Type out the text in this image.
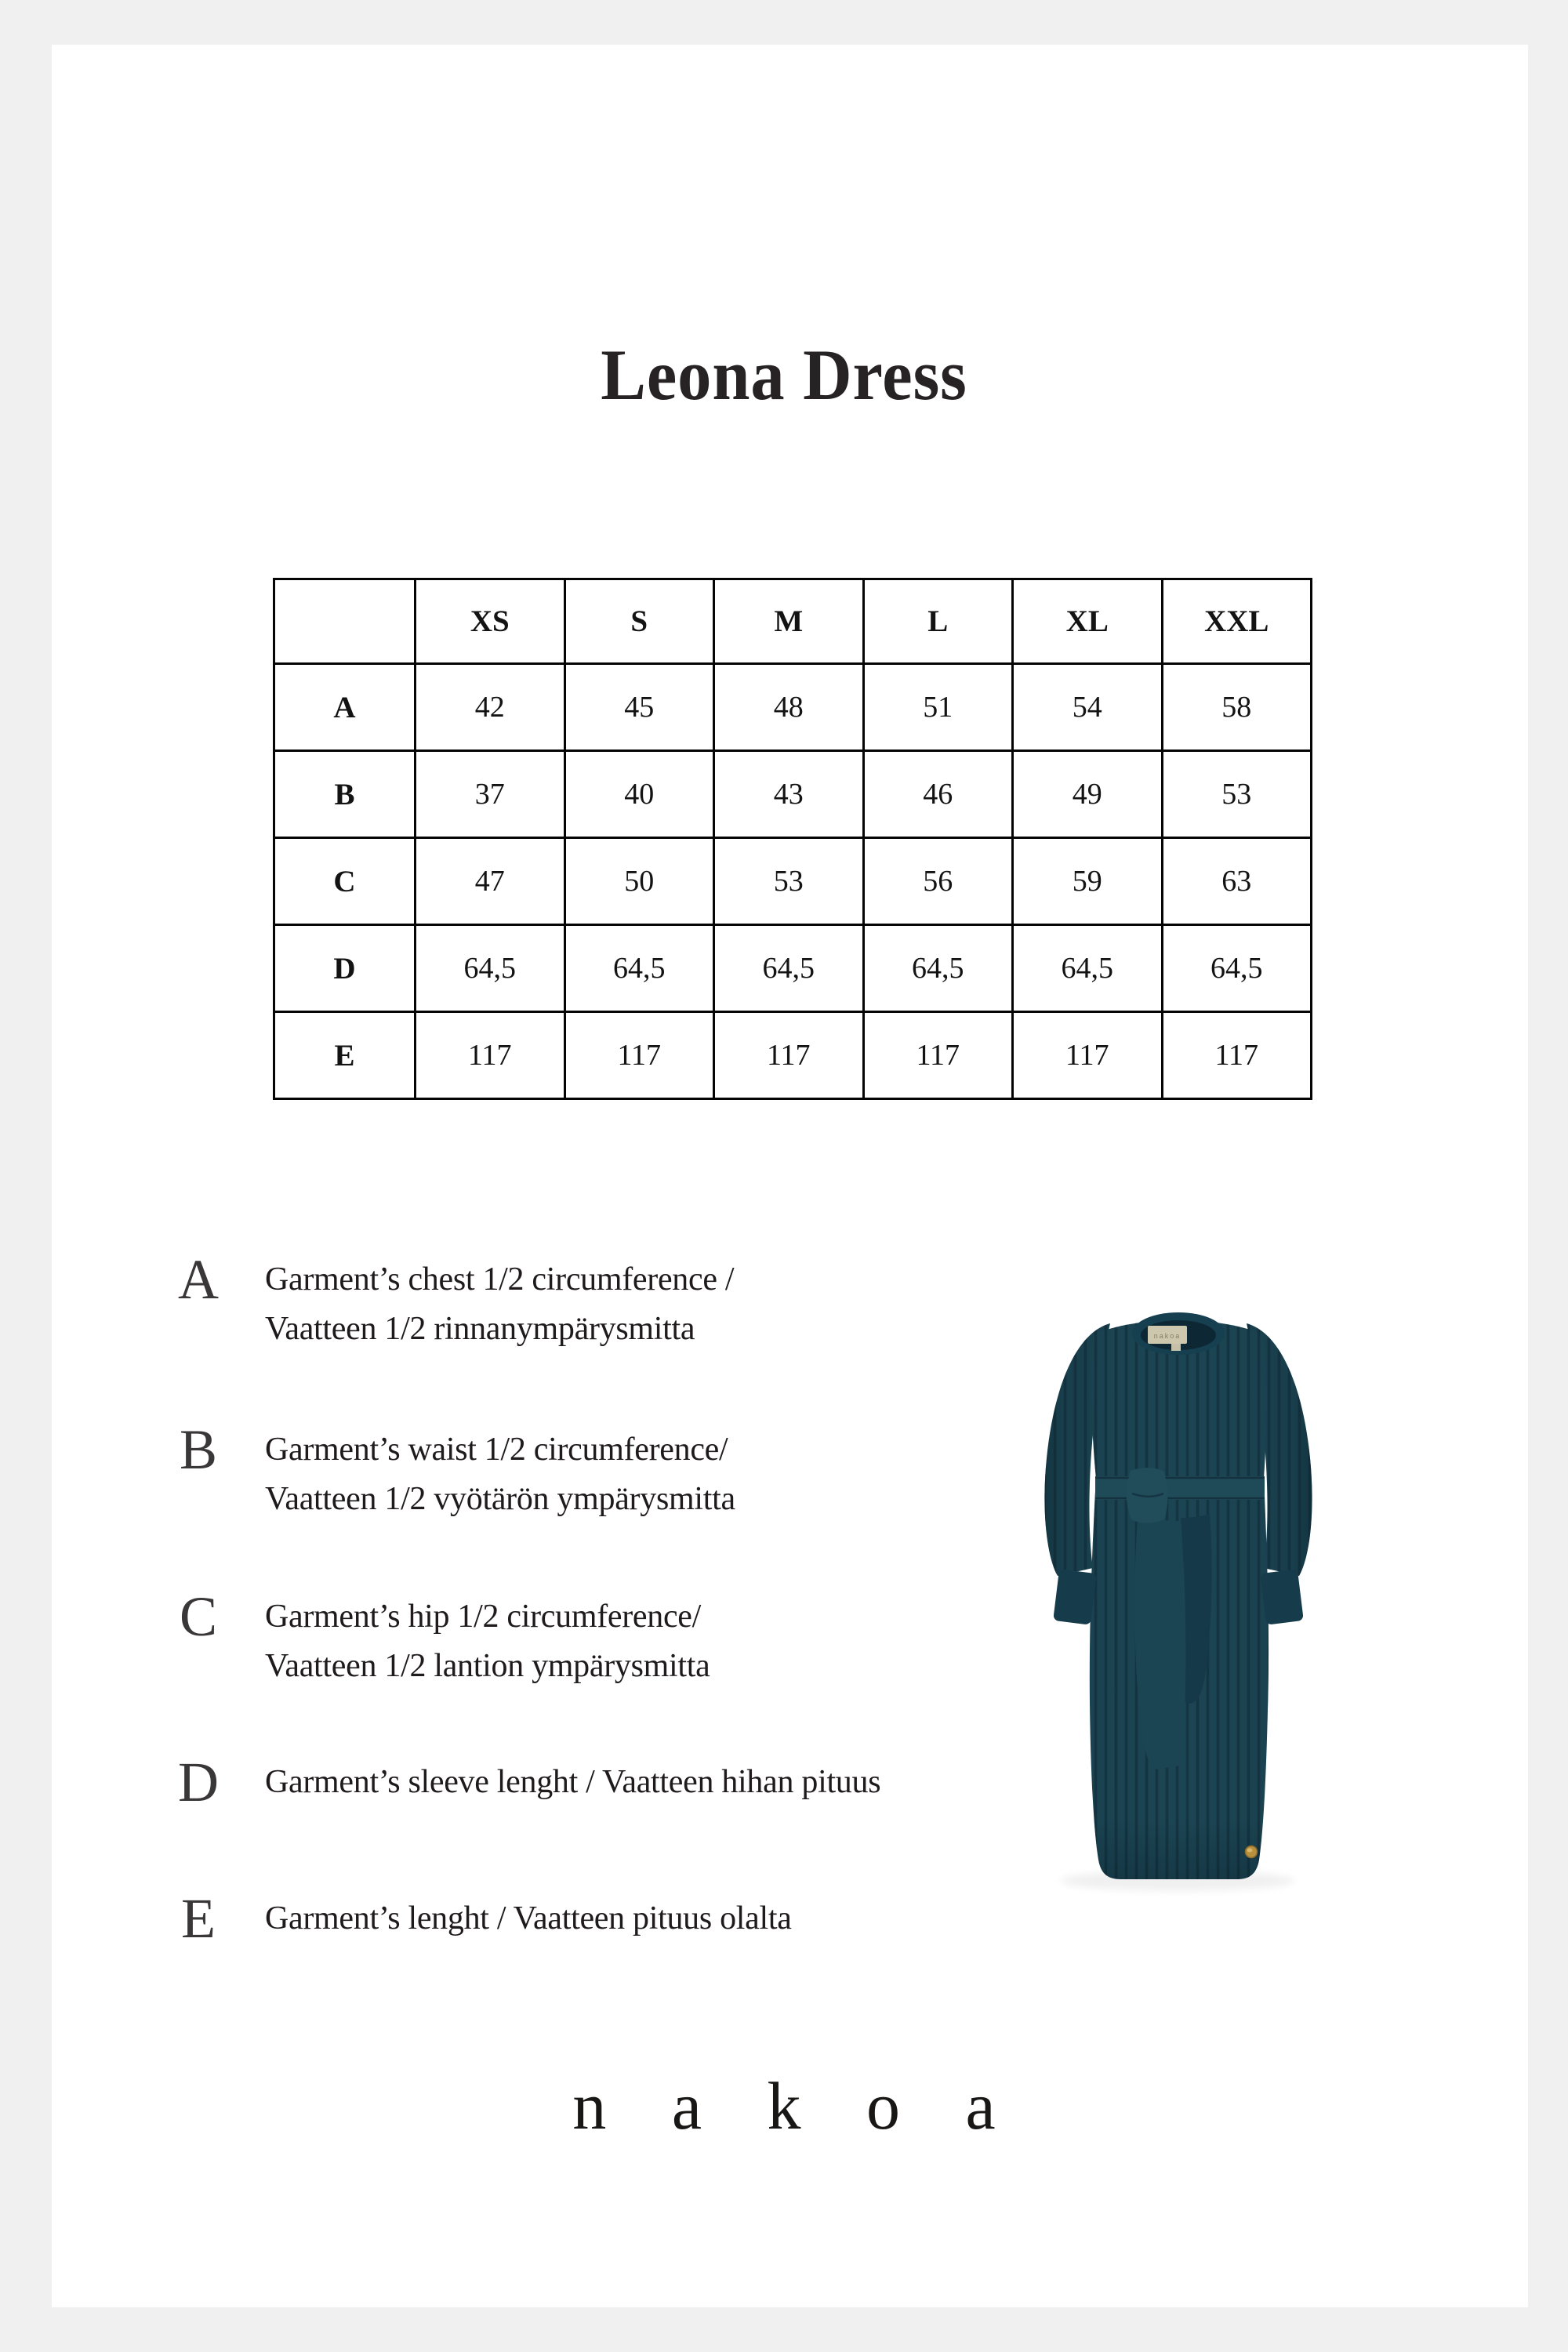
Leona Dress
	XS	S	M	L	XL	XXL
A	42	45	48	51	54	58
B	37	40	43	46	49	53
C	47	50	53	56	59	63
D	64,5	64,5	64,5	64,5	64,5	64,5
E	117	117	117	117	117	117
A	Garment’s chest 1/2 circumference /
Vaatteen 1/2 rinnanympärysmitta
B	Garment’s waist 1/2 circumference/
Vaatteen 1/2 vyötärön ympärysmitta
C	Garment’s hip 1/2 circumference/
Vaatteen 1/2 lantion ympärysmitta
D	Garment’s sleeve lenght / Vaatteen hihan pituus
E	Garment’s lenght / Vaatteen pituus olalta
nakoa
n a k o a
